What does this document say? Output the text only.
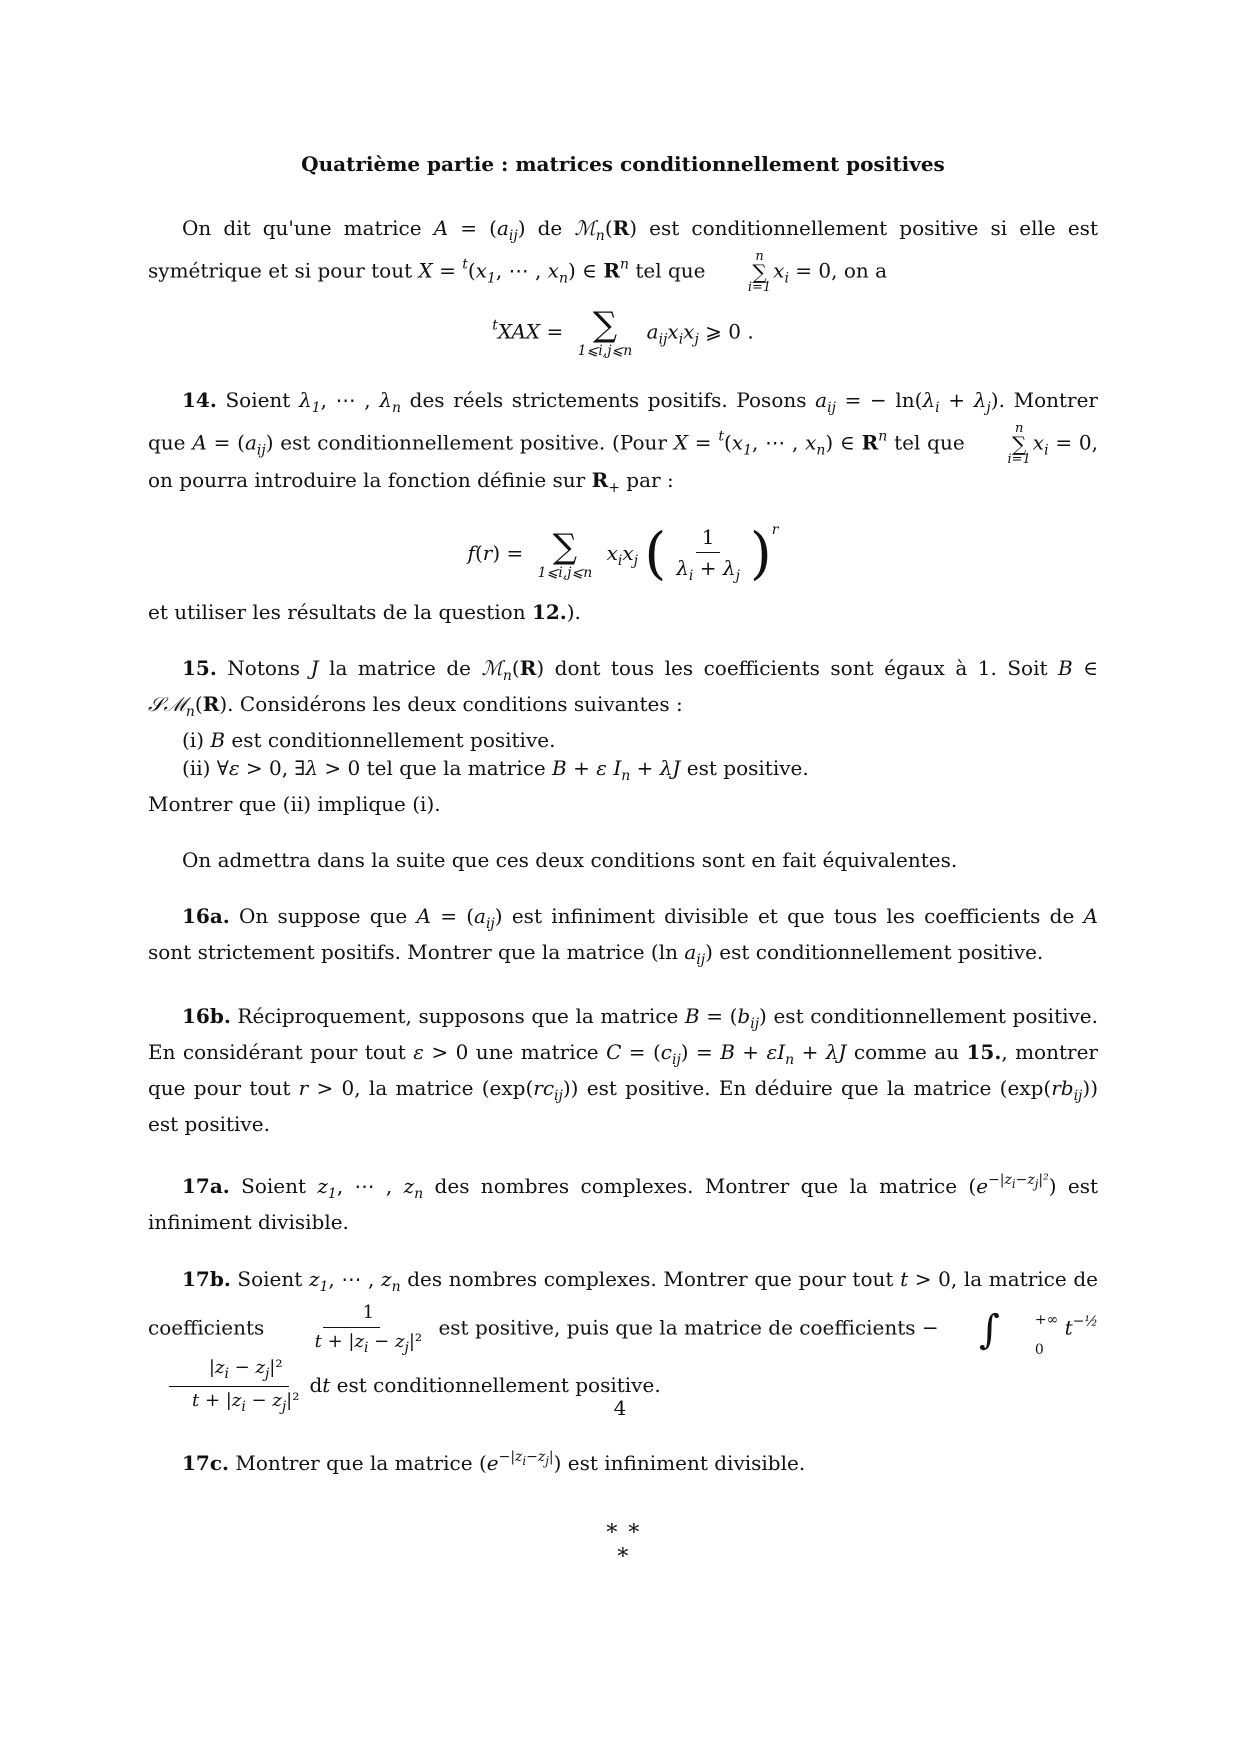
Quatrième partie : matrices conditionnellement positives

On dit qu'une matrice $A = (a_{ij})$ de ℳ$_n$(R) est conditionnellement positive si elle est symétrique et si pour tout $X = ^t(x_1$, ⋯ , $x_n$) ∈ $R^n$ tel que
n
∑
i=1
$x_i = 0$, on a

$^t$XAX = ∑
1⩽i,j⩽n
$a_{ij}x_ix_j$ ⩾ 0 .

14. Soient $\lambda_1$, ⋯ , $\lambda_n$ des réels strictements positifs. Posons $a_{ij}$ = − $\ln(\lambda_i + \lambda_j)$. Montrer que $A = (a_{ij})$ est conditionnellement positive. (Pour $X = ^t(x_1$, ⋯ , $x_n$) ∈ $R^n$ tel que
n
∑
i=1
$x_i = 0$, on pourra introduire la fonction définie sur $R_+$ par :

f(r) = ∑
1⩽i,j⩽n
$x_ix_j$ ( $\frac{1}{\lambda_i + \lambda_j} )^r$

et utiliser les résultats de la question 12.).

15. Notons J la matrice de ℳ$_n$(R) dont tous les coefficients sont égaux à 1. Soit B ∈ 𝒮ℳ$_n$(R). Considérons les deux conditions suivantes :

(i) B est conditionnellement positive.

(ii) ∀ε > 0, ∃λ > 0 tel que la matrice B + ε $I_n + \lambda J$ est positive.

Montrer que (ii) implique (i).

On admettra dans la suite que ces deux conditions sont en fait équivalentes.

16a. On suppose que $A = (a_{ij})$ est infiniment divisible et que tous les coefficients de A sont strictement positifs. Montrer que la matrice (ln $a_{ij}$) est conditionnellement positive.

16b. Réciproquement, supposons que la matrice $B = (b_{ij})$ est conditionnellement positive. En considérant pour tout ε > 0 une matrice $C = (c_{ij}) = B + \varepsilon I_n + \lambda J$ comme au 15., montrer que pour tout r > 0, la matrice $(\exp(rc_{ij}))$ est positive. En déduire que la matrice $(\exp(rb_{ij}))$ est positive.

17a. Soient $z_1$, ⋯ , $z_n$ des nombres complexes. Montrer que la matrice $(e^{-|z_i-z_j|^2})$ est infiniment divisible.

17b. Soient $z_1$, ⋯ , $z_n$ des nombres complexes. Montrer que pour tout t > 0, la matrice de coefficients $\frac{1}{t + |z_i - z_j|^2}$ est positive, puis que la matrice de coefficients − ∫	+∞
0
$t^{-\frac{1}{2}}$
$\frac{|z_i - z_j|^2}{t + |z_i - z_j|^2}$ dt est conditionnellement positive.

17c. Montrer que la matrice $(e^{-|z_i-z_j|})$ est infiniment divisible.

∗ ∗
∗
4
